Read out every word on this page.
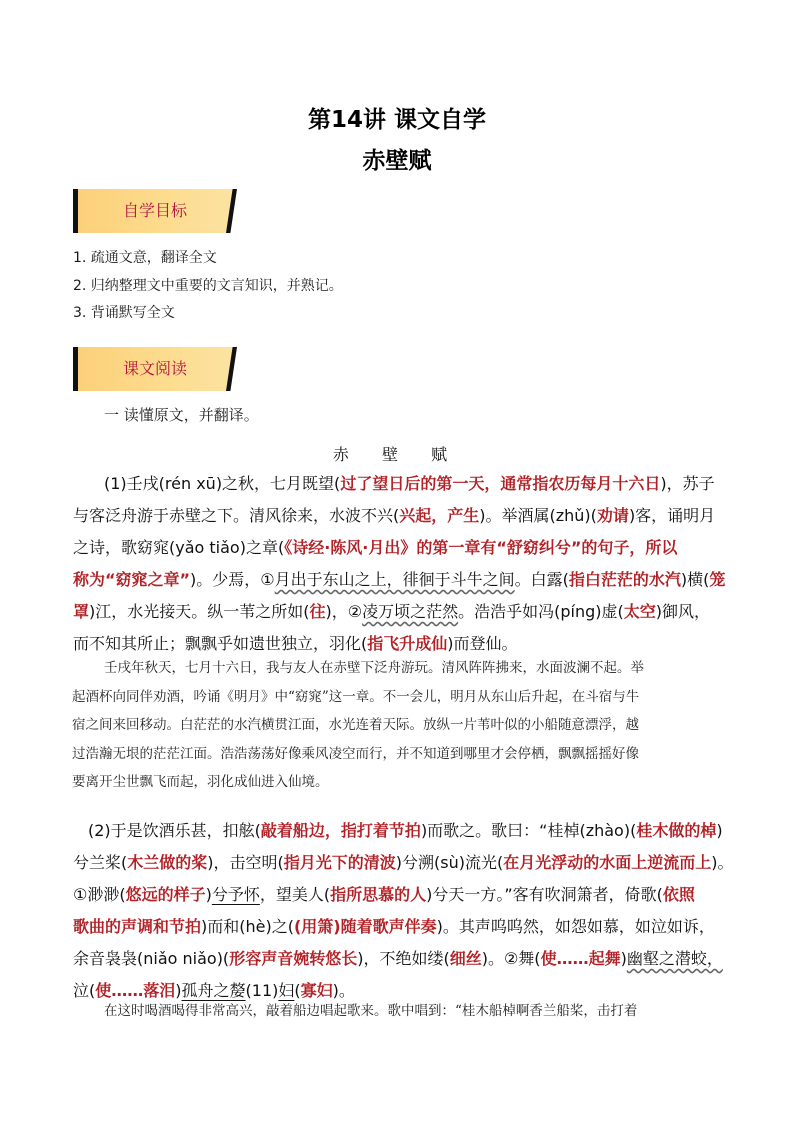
第14讲 课文自学
赤壁赋
自学目标
1. 疏通文意，翻译全文
2. 归纳整理文中重要的文言知识，并熟记。
3. 背诵默写全文
课文阅读
一 读懂原文，并翻译。
赤 壁 赋
(1)壬戌(rén xū)之秋，七月既望(过了望日后的第一天，通常指农历每月十六日)，苏子
与客泛舟游于赤壁之下。清风徐来，水波不兴(兴起，产生)。举酒属(zhǔ)(劝请)客，诵明月
之诗，歌窈窕(yǎo tiǎo)之章(《诗经·陈风·月出》的第一章有“舒窈纠兮”的句子，所以
称为“窈窕之章”)。少焉，①月出于东山之上，徘徊于斗牛之间。白露(指白茫茫的水汽)横(笼
罩)江，水光接天。纵一苇之所如(往)，②凌万顷之茫然。浩浩乎如冯(píng)虚(太空)御风，
而不知其所止；飘飘乎如遗世独立，羽化(指飞升成仙)而登仙。
壬戌年秋天，七月十六日，我与友人在赤壁下泛舟游玩。清风阵阵拂来，水面波澜不起。举
起酒杯向同伴劝酒，吟诵《明月》中“窈窕”这一章。不一会儿，明月从东山后升起，在斗宿与牛
宿之间来回移动。白茫茫的水汽横贯江面，水光连着天际。放纵一片苇叶似的小船随意漂浮，越
过浩瀚无垠的茫茫江面。浩浩荡荡好像乘风凌空而行，并不知道到哪里才会停栖，飘飘摇摇好像
要离开尘世飘飞而起，羽化成仙进入仙境。
(2)于是饮酒乐甚，扣舷(敲着船边，指打着节拍)而歌之。歌曰：“桂棹(zhào)(桂木做的棹)
兮兰桨(木兰做的桨)，击空明(指月光下的清波)兮溯(sù)流光(在月光浮动的水面上逆流而上)。
①渺渺(悠远的样子)兮予怀，望美人(指所思慕的人)兮天一方。”客有吹洞箫者，倚歌(依照
歌曲的声调和节拍)而和(hè)之((用箫)随着歌声伴奏)。其声呜呜然，如怨如慕，如泣如诉，
余音袅袅(niǎo niǎo)(形容声音婉转悠长)，不绝如缕(细丝)。②舞(使……起舞)幽壑之潜蛟，
泣(使……落泪)孤舟之嫠(11)妇(寡妇)。
在这时喝酒喝得非常高兴，敲着船边唱起歌来。歌中唱到：“桂木船棹啊香兰船桨，击打着
